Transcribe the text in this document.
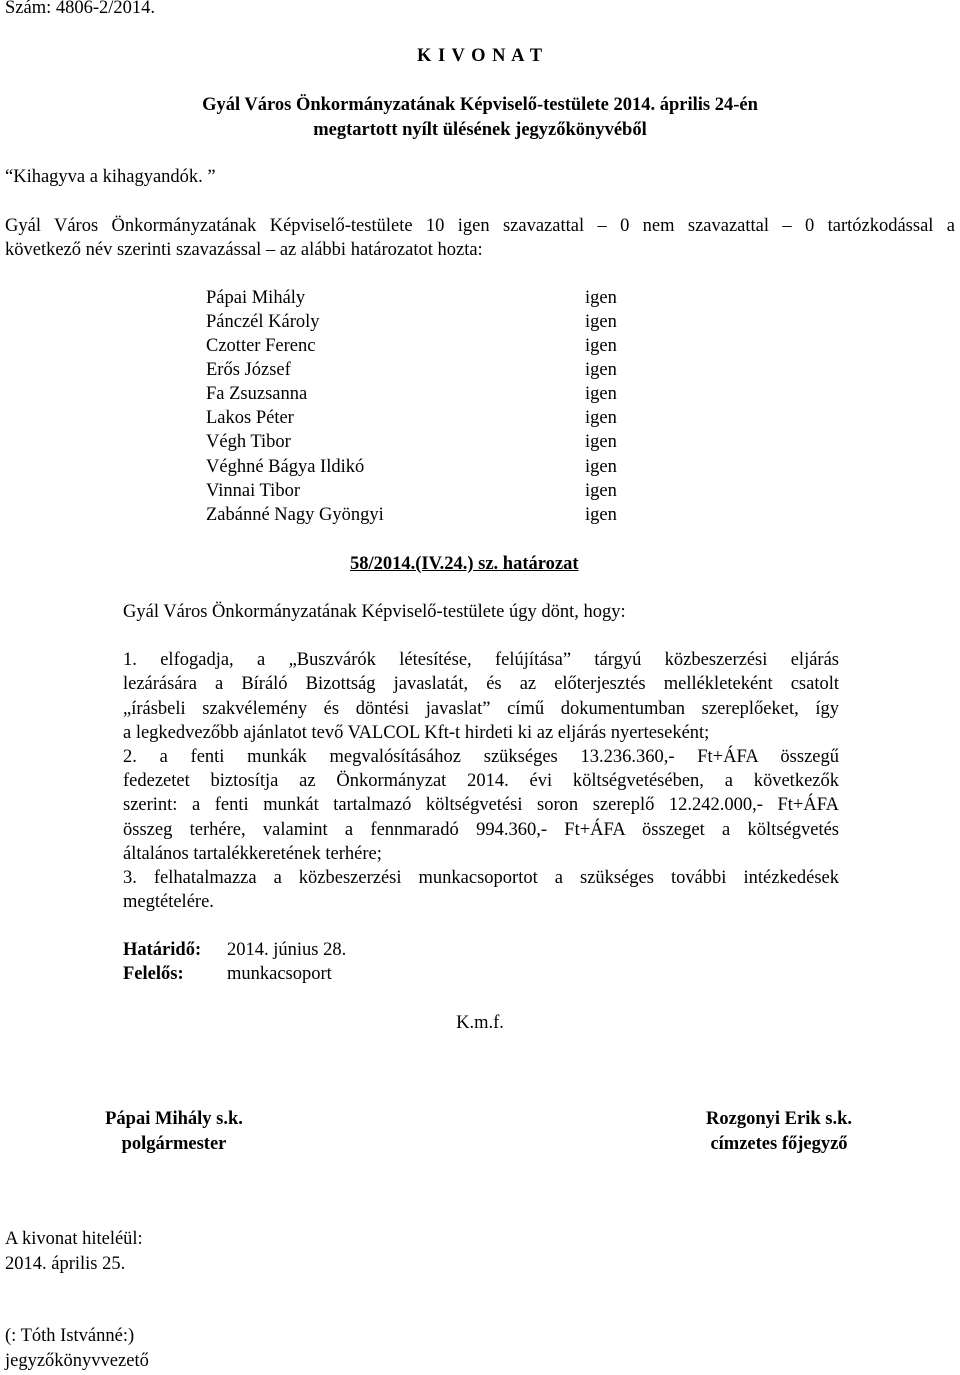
Szám: 4806-2/2014.
K I V O N A T
Gyál Város Önkormányzatának Képviselő-testülete 2014. április 24-én
megtartott nyílt ülésének jegyzőkönyvéből
“Kihagyva a kihagyandók. ”
Gyál Város Önkormányzatának Képviselő-testülete 10 igen szavazattal – 0 nem szavazattal – 0 tartózkodással a
következő név szerinti szavazással – az alábbi határozatot hozta:
Pápai Mihály	igen
Pánczél Károly	igen
Czotter Ferenc	igen
Erős József	igen
Fa Zsuzsanna	igen
Lakos Péter	igen
Végh Tibor	igen
Véghné Bágya Ildikó	igen
Vinnai Tibor	igen
Zabánné Nagy Gyöngyi	igen
58/2014.(IV.24.) sz. határozat
Gyál Város Önkormányzatának Képviselő-testülete úgy dönt, hogy:
1. elfogadja, a „Buszvárók létesítése, felújítása” tárgyú közbeszerzési eljárás
lezárására a Bíráló Bizottság javaslatát, és az előterjesztés mellékleteként csatolt
„írásbeli szakvélemény és döntési javaslat” című dokumentumban szereplőeket, így
a legkedvezőbb ajánlatot tevő VALCOL Kft-t hirdeti ki az eljárás nyerteseként;
2. a fenti munkák megvalósításához szükséges 13.236.360,- Ft+ÁFA összegű
fedezetet biztosítja az Önkormányzat 2014. évi költségvetésében, a következők
szerint: a fenti munkát tartalmazó költségvetési soron szereplő 12.242.000,- Ft+ÁFA
összeg terhére, valamint a fennmaradó 994.360,- Ft+ÁFA összeget a költségvetés
általános tartalékkeretének terhére;
3. felhatalmazza a közbeszerzési munkacsoportot a szükséges további intézkedések
megtételére.
Határidő: 2014. június 28.
Felelős: munkacsoport
K.m.f.
Pápai Mihály s.k.
polgármester
Rozgonyi Erik s.k.
címzetes főjegyző
A kivonat hiteléül:
2014. április 25.
(: Tóth Istvánné:)
jegyzőkönyvvezető
